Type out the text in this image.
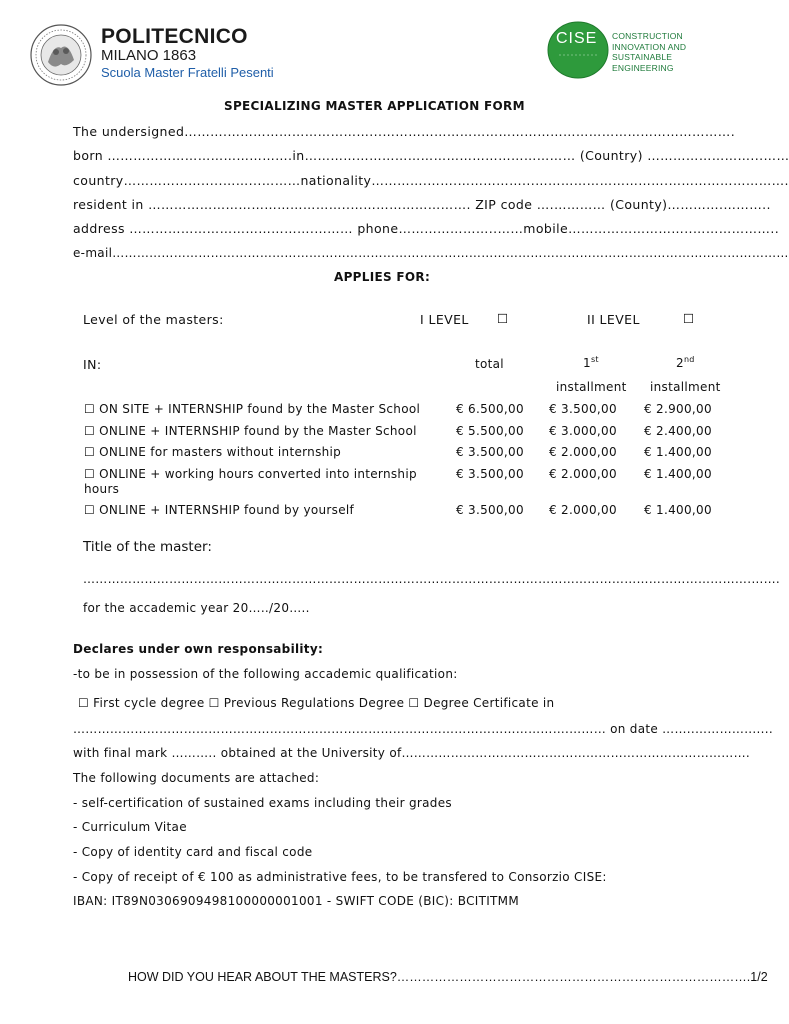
POLITECNICO
MILANO 1863
Scuola Master Fratelli Pesenti
CISE CONSTRUCTION
INNOVATION AND
SUSTAINABLE
ENGINEERING
SPECIALIZING MASTER APPLICATION FORM
The undersigned……….……………………………...……………………………………………………………………….
born …………………………………….in……………………………………………………… (Country) ……………………...……
country……………….....……...………nationality………….…….……………...………………………….……………………….
resident in ………………………………………..………………………. ZIP code ….………… (County)………….………..
address …………………………………….……… phone…………………..……mobile………………………..………………..
e-mail…………………………………………………………………………………………………………………………………………………
APPLIES FOR:
Level of the masters:	I LEVEL ☐	II LEVEL	☐
IN:	total	1st	2nd
installment installment
☐ ON SITE + INTERNSHIP found by the Master School	€ 6.500,00 € 3.500,00 € 2.900,00
☐ ONLINE + INTERNSHIP found by the Master School	€ 5.500,00 € 3.000,00 € 2.400,00
☐ ONLINE for masters without internship	€ 3.500,00 € 2.000,00 € 1.400,00
☐ ONLINE + working hours converted into internship
hours
€ 3.500,00 € 2.000,00 € 1.400,00
☐ ONLINE + INTERNSHIP found by yourself	€ 3.500,00 € 2.000,00 € 1.400,00
Title of the master:
……………………………………………………………………………………………………………………………………………….…….
for the accademic year 20…../20…..
Declares under own responsability:
-to be in possession of the following accademic qualification:
☐ First cycle degree ☐ Previous Regulations Degree ☐ Degree Certificate in
………………………………………………………………………………………………………….……… on date ……..………….......
with final mark ……….. obtained at the University of………………………………………………………………………….
The following documents are attached:
- self-certification of sustained exams including their grades
- Curriculum Vitae
- Copy of identity card and fiscal code
- Copy of receipt of € 100 as administrative fees, to be transfered to Consorzio CISE:
IBAN: IT89N0306909498100000001001 - SWIFT CODE (BIC): BCITITMM
HOW DID YOU HEAR ABOUT THE MASTERS?………………………………………………………………………….1/2
